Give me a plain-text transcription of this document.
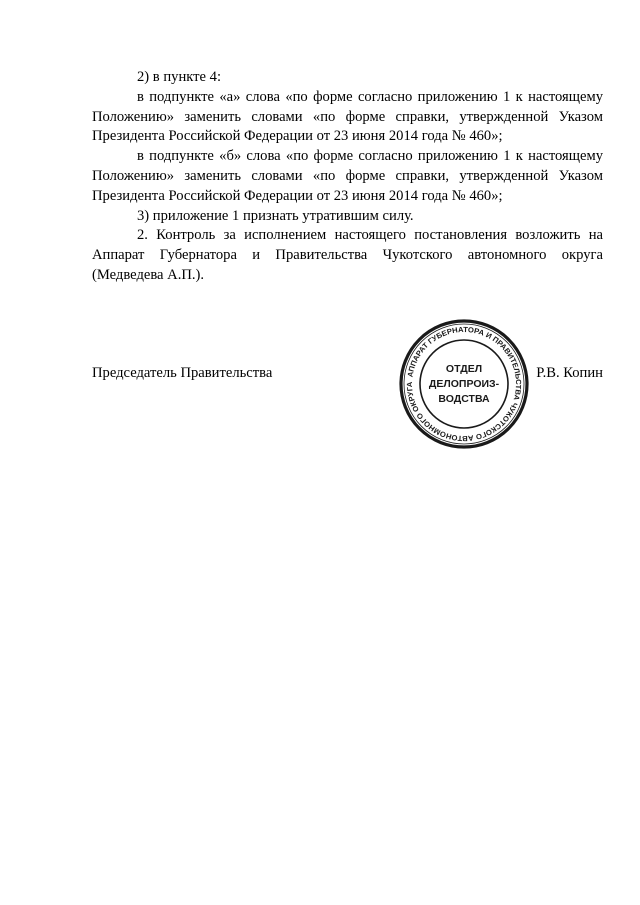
2) в пункте 4:

в подпункте «а» слова «по форме согласно приложению 1 к настоящему Положению» заменить словами «по форме справки, утвержденной Указом Президента Российской Федерации от 23 июня 2014 года № 460»;

в подпункте «б» слова «по форме согласно приложению 1 к настоящему Положению» заменить словами «по форме справки, утвержденной Указом Президента Российской Федерации от 23 июня 2014 года № 460»;

3) приложение 1 признать утратившим силу.

2. Контроль за исполнением настоящего постановления возложить на Аппарат Губернатора и Правительства Чукотского автономного округа (Медведева А.П.).

Председатель Правительства	Р.В. Копин
АППАРАТ ГУБЕРНАТОРА И ПРАВИТЕЛЬСТВА ЧУКОТСКОГО АВТОНОМНОГО ОКРУГА
ОТДЕЛ
ДЕЛОПРОИЗ-
ВОДСТВА
